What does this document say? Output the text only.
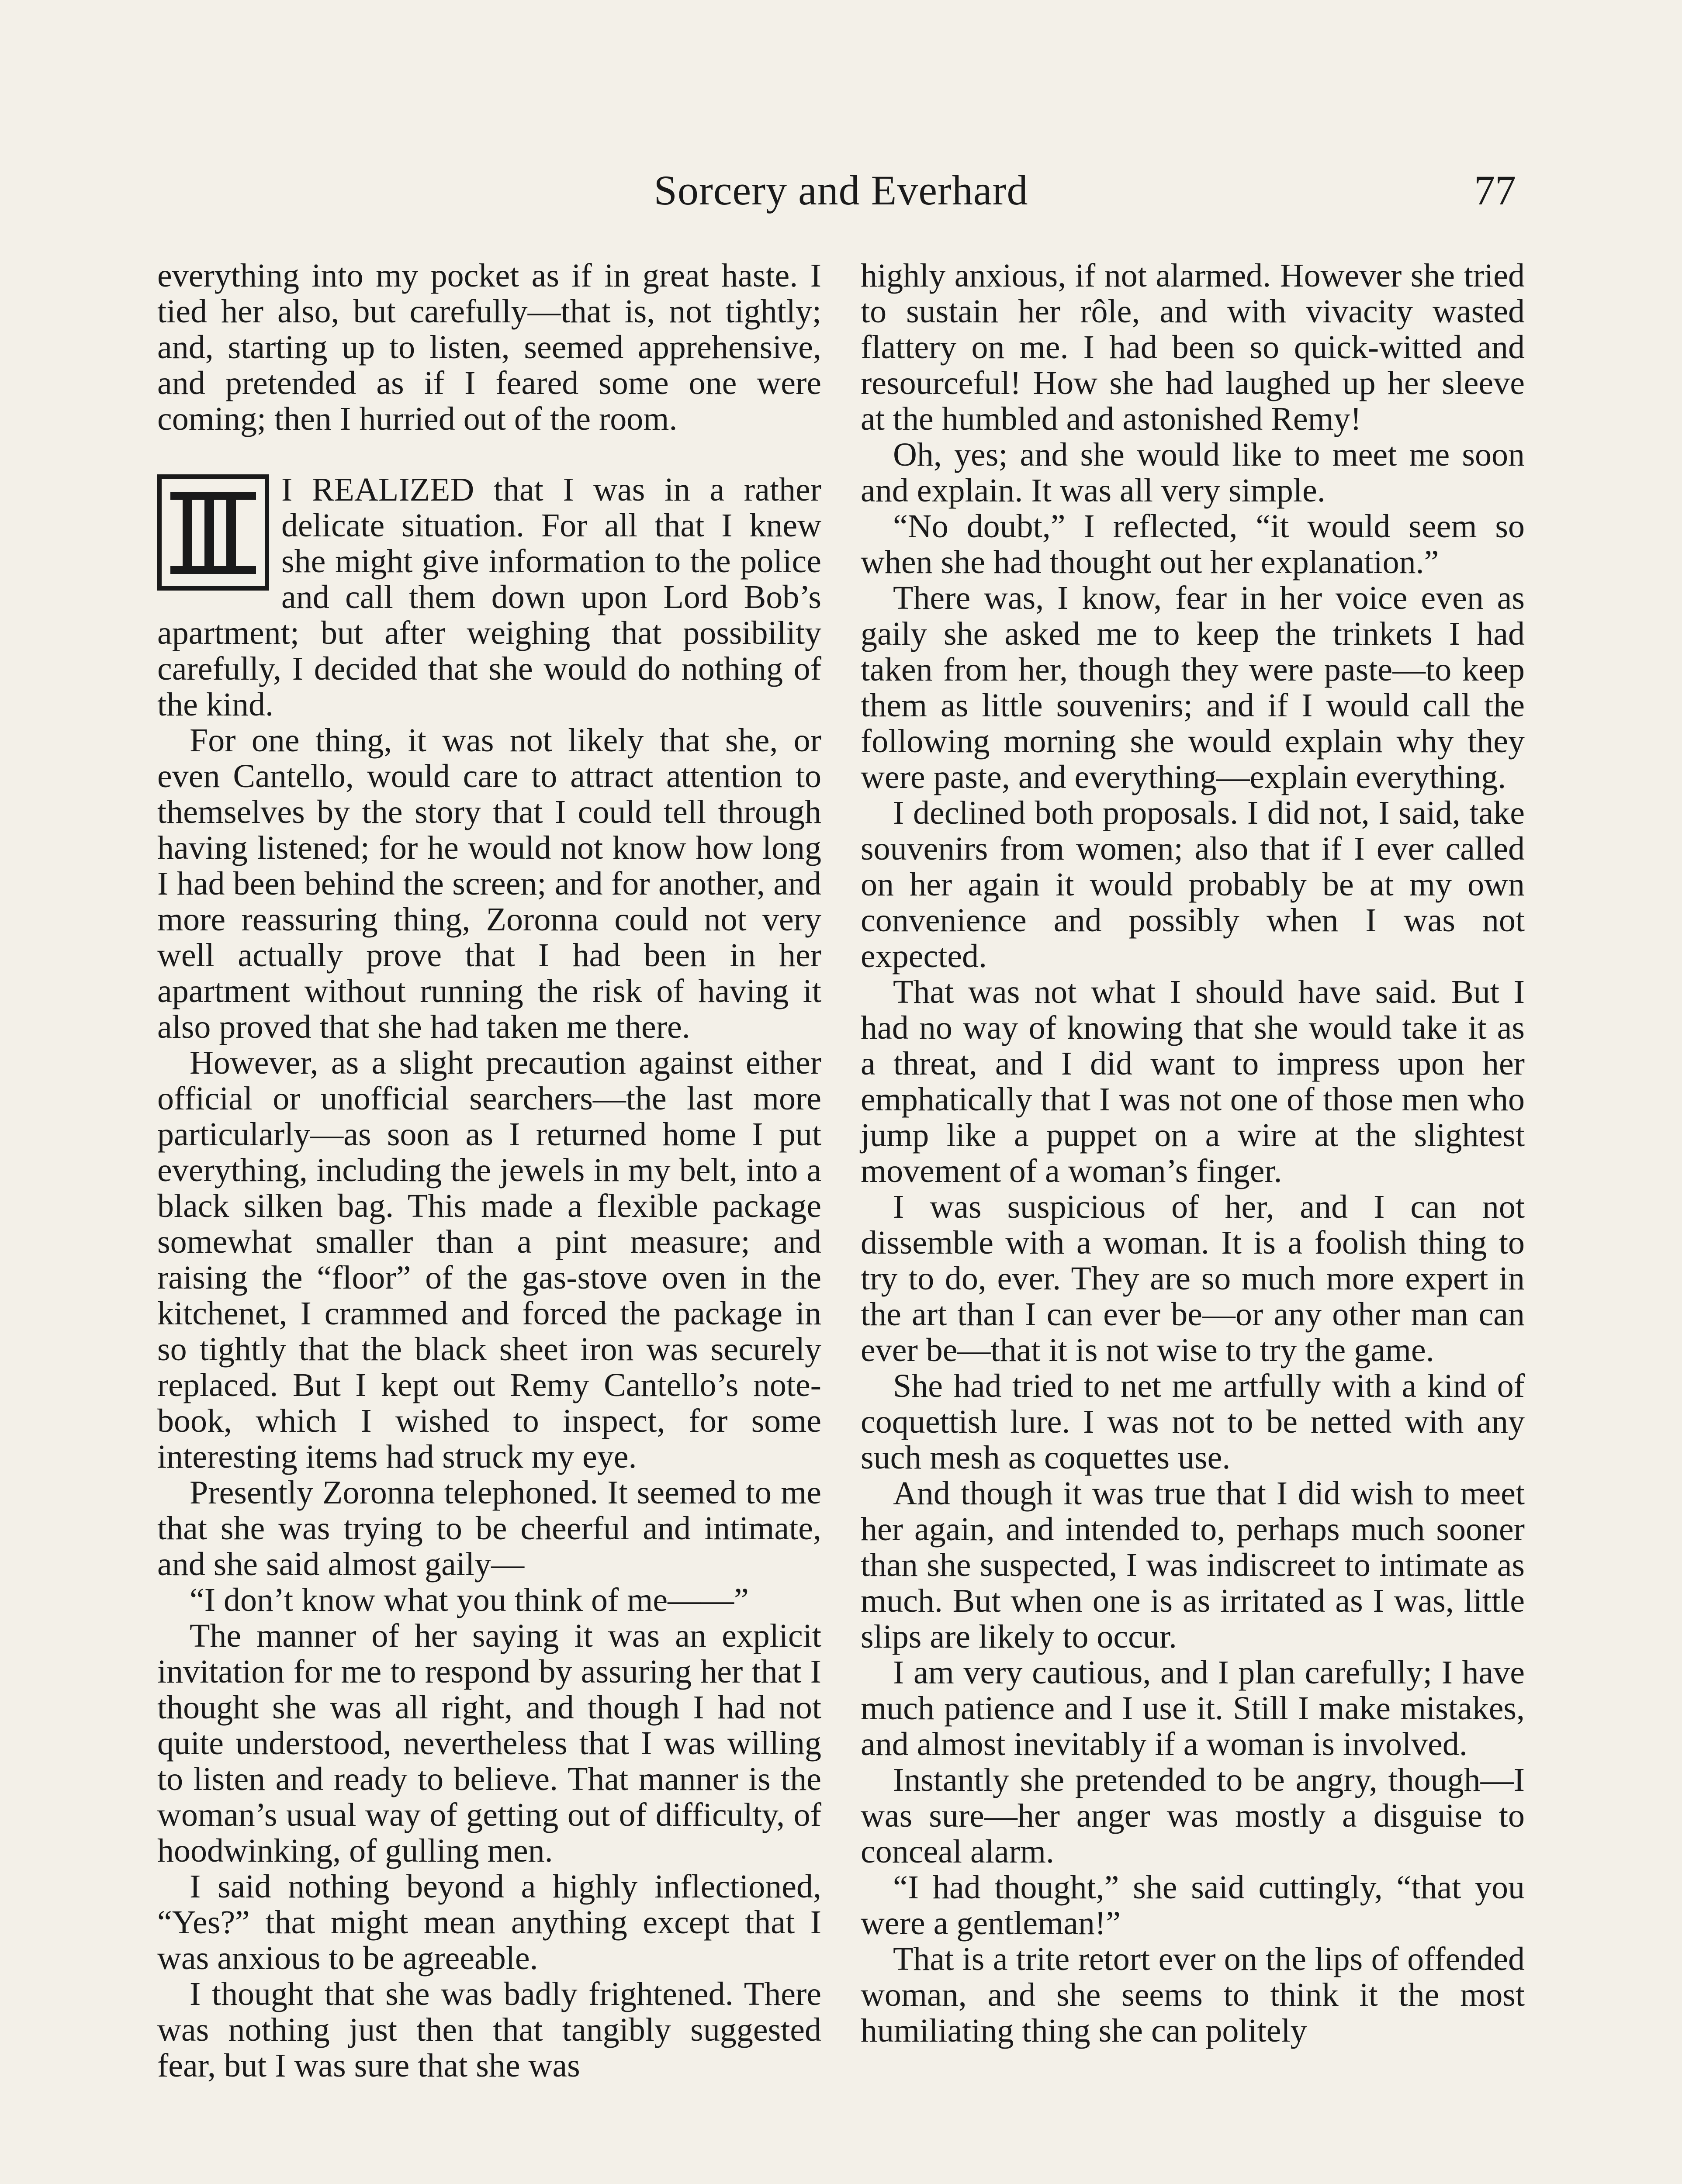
Sorcery and Everhard	77

everything into my pocket as if in great haste. I tied her also, but carefully—that is, not tightly; and, starting up to listen, seemed apprehensive, and pretended as if I feared some one were coming; then I hurried out of the room.

I REALIZED that I was in a rather delicate situation. For all that I knew she might give information to the police and call them down upon Lord Bob’s apartment; but after weighing that possibility carefully, I decided that she would do nothing of the kind.

For one thing, it was not likely that she, or even Cantello, would care to attract attention to themselves by the story that I could tell through having listened; for he would not know how long I had been behind the screen; and for another, and more reassuring thing, Zoronna could not very well actually prove that I had been in her apartment without running the risk of having it also proved that she had taken me there.

However, as a slight precaution against either official or unofficial searchers—the last more particularly—as soon as I returned home I put everything, including the jewels in my belt, into a black silken bag. This made a flexible package somewhat smaller than a pint measure; and raising the “floor” of the gas-stove oven in the kitchenet, I crammed and forced the package in so tightly that the black sheet iron was securely replaced. But I kept out Remy Cantello’s note-book, which I wished to inspect, for some interesting items had struck my eye.

Presently Zoronna telephoned. It seemed to me that she was trying to be cheerful and intimate, and she said almost gaily—

“I don’t know what you think of me——”

The manner of her saying it was an explicit invitation for me to respond by assuring her that I thought she was all right, and though I had not quite understood, nevertheless that I was willing to listen and ready to believe. That manner is the woman’s usual way of getting out of difficulty, of hoodwinking, of gulling men.

I said nothing beyond a highly inflectioned, “Yes?” that might mean anything except that I was anxious to be agreeable.

I thought that she was badly frightened. There was nothing just then that tangibly suggested fear, but I was sure that she was

highly anxious, if not alarmed. However she tried to sustain her rôle, and with vivacity wasted flattery on me. I had been so quick-witted and resourceful! How she had laughed up her sleeve at the humbled and astonished Remy!

Oh, yes; and she would like to meet me soon and explain. It was all very simple.

“No doubt,” I reflected, “it would seem so when she had thought out her explanation.”

There was, I know, fear in her voice even as gaily she asked me to keep the trinkets I had taken from her, though they were paste—to keep them as little souvenirs; and if I would call the following morning she would explain why they were paste, and everything—explain everything.

I declined both proposals. I did not, I said, take souvenirs from women; also that if I ever called on her again it would probably be at my own convenience and possibly when I was not expected.

That was not what I should have said. But I had no way of knowing that she would take it as a threat, and I did want to impress upon her emphatically that I was not one of those men who jump like a puppet on a wire at the slightest movement of a woman’s finger.

I was suspicious of her, and I can not dissemble with a woman. It is a foolish thing to try to do, ever. They are so much more expert in the art than I can ever be—or any other man can ever be—that it is not wise to try the game.

She had tried to net me artfully with a kind of coquettish lure. I was not to be netted with any such mesh as coquettes use.

And though it was true that I did wish to meet her again, and intended to, perhaps much sooner than she suspected, I was indiscreet to intimate as much. But when one is as irritated as I was, little slips are likely to occur.

I am very cautious, and I plan carefully; I have much patience and I use it. Still I make mistakes, and almost inevitably if a woman is involved.

Instantly she pretended to be angry, though—I was sure—her anger was mostly a disguise to conceal alarm.

“I had thought,” she said cuttingly, “that you were a gentleman!”

That is a trite retort ever on the lips of offended woman, and she seems to think it the most humiliating thing she can politely
